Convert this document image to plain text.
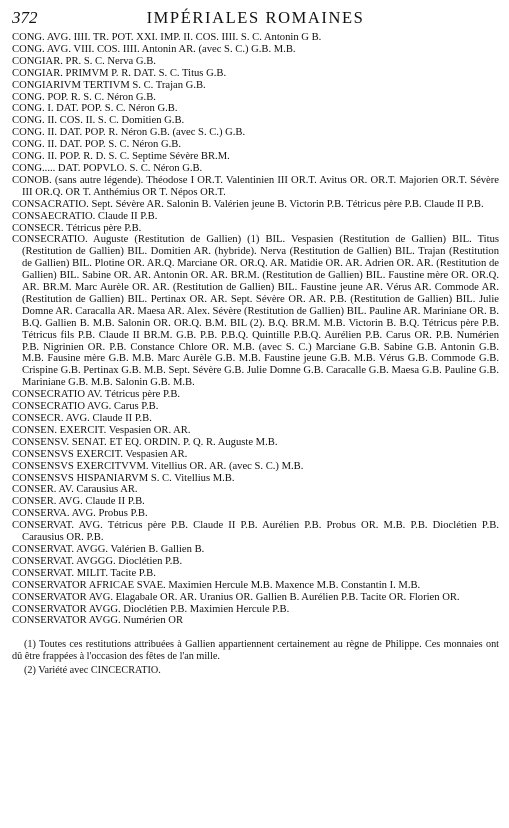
372	IMPÉRIALES ROMAINES

CONG. AVG. IIII. TR. POT. XXI. IMP. II. COS. IIII. S. C. Antonin G B.

CONG. AVG. VIII. COS. IIII. Antonin AR. (avec S. C.) G.B. M.B.

CONGIAR. PR. S. C. Nerva G.B.

CONGIAR. PRIMVM P. R. DAT. S. C. Titus G.B.

CONGIARIVM TERTIVM S. C. Trajan G.B.

CONG. POP. R. S. C. Néron G.B.

CONG. I. DAT. POP. S. C. Néron G.B.

CONG. II. COS. II. S. C. Domitien G.B.

CONG. II. DAT. POP. R. Néron G.B. (avec S. C.) G.B.

CONG. II. DAT. POP. S. C. Néron G.B.

CONG. II. POP. R. D. S. C. Septime Sévère BR.M.

CONG..... DAT. POPVLO. S. C. Néron G.B.

CONOB. (sans autre légende). Théodose I OR.T. Valentinien III OR.T. Avitus OR. OR.T. Majorien OR.T. Sévère III OR.Q. OR T. Anthémius OR T. Népos OR.T.

CONSACRATIO. Sept. Sévère AR. Salonin B. Valérien jeune B. Victorin P.B. Tétricus père P.B. Claude II P.B.

CONSAECRATIO. Claude II P.B.

CONSECR. Tétricus père P.B.

CONSECRATIO. Auguste (Restitution de Gallien) (1) BIL. Vespasien (Restitution de Gallien) BIL. Titus (Restitution de Gallien) BIL. Domitien AR. (hybride). Nerva (Restitution de Gallien) BIL. Trajan (Restitution de Gallien) BIL. Plotine OR. AR.Q. Marciane OR. OR.Q. AR. Matidie OR. AR. Adrien OR. AR. (Restitution de Gallien) BIL. Sabine OR. AR. Antonin OR. AR. BR.M. (Restitution de Gallien) BIL. Faustine mère OR. OR.Q. AR. BR.M. Marc Aurèle OR. AR. (Restitution de Gallien) BIL. Faustine jeune AR. Vérus AR. Commode AR. (Restitution de Gallien) BIL. Pertinax OR. AR. Sept. Sévère OR. AR. P.B. (Restitution de Gallien) BIL. Julie Domne AR. Caracalla AR. Maesa AR. Alex. Sévère (Restitution de Gallien) BIL. Pauline AR. Mariniane OR. B. B.Q. Gallien B. M.B. Salonin OR. OR.Q. B.M. BIL (2). B.Q. BR.M. M.B. Victorin B. B.Q. Tétricus père P.B. Tétricus fils P.B. Claude II BR.M. G.B. P.B. P.B.Q. Quintille P.B.Q. Aurélien P.B. Carus OR. P.B. Numérien P.B. Nigrinien OR. P.B. Constance Chlore OR. M.B. (avec S. C.) Marciane G.B. Sabine G.B. Antonin G.B. M.B. Fausine mère G.B. M.B. Marc Aurèle G.B. M.B. Faustine jeune G.B. M.B. Vérus G.B. Commode G.B. Crispine G.B. Pertinax G.B. M.B. Sept. Sévère G.B. Julie Domne G.B. Caracalle G.B. Maesa G.B. Pauline G.B. Mariniane G.B. M.B. Salonin G.B. M.B.

CONSECRATIO AV. Tétricus père P.B.

CONSECRATIO AVG. Carus P.B.

CONSECR. AVG. Claude II P.B.

CONSEN. EXERCIT. Vespasien OR. AR.

CONSENSV. SENAT. ET EQ. ORDIN. P. Q. R. Auguste M.B.

CONSENSVS EXERCIT. Vespasien AR.

CONSENSVS EXERCITVVM. Vitellius OR. AR. (avec S. C.) M.B.

CONSENSVS HISPANIARVM S. C. Vitellius M.B.

CONSER. AV. Carausius AR.

CONSER. AVG. Claude II P.B.

CONSERVA. AVG. Probus P.B.

CONSERVAT. AVG. Tétricus père P.B. Claude II P.B. Aurélien P.B. Probus OR. M.B. P.B. Dioclétien P.B. Carausius OR. P.B.

CONSERVAT. AVGG. Valérien B. Gallien B.

CONSERVAT. AVGGG. Dioclétien P.B.

CONSERVAT. MILIT. Tacite P.B.

CONSERVATOR AFRICAE SVAE. Maximien Hercule M.B. Maxence M.B. Constantin I. M.B.

CONSERVATOR AVG. Elagabale OR. AR. Uranius OR. Gallien B. Aurélien P.B. Tacite OR. Florien OR.

CONSERVATOR AVGG. Dioclétien P.B. Maximien Hercule P.B.

CONSERVATOR AVGG. Numérien OR

(1) Toutes ces restitutions attribuées à Gallien appartiennent certainement au règne de Philippe. Ces monnaies ont dû être frappées à l'occasion des fêtes de l'an mille.

(2) Variété avec CINCECRATIO.
